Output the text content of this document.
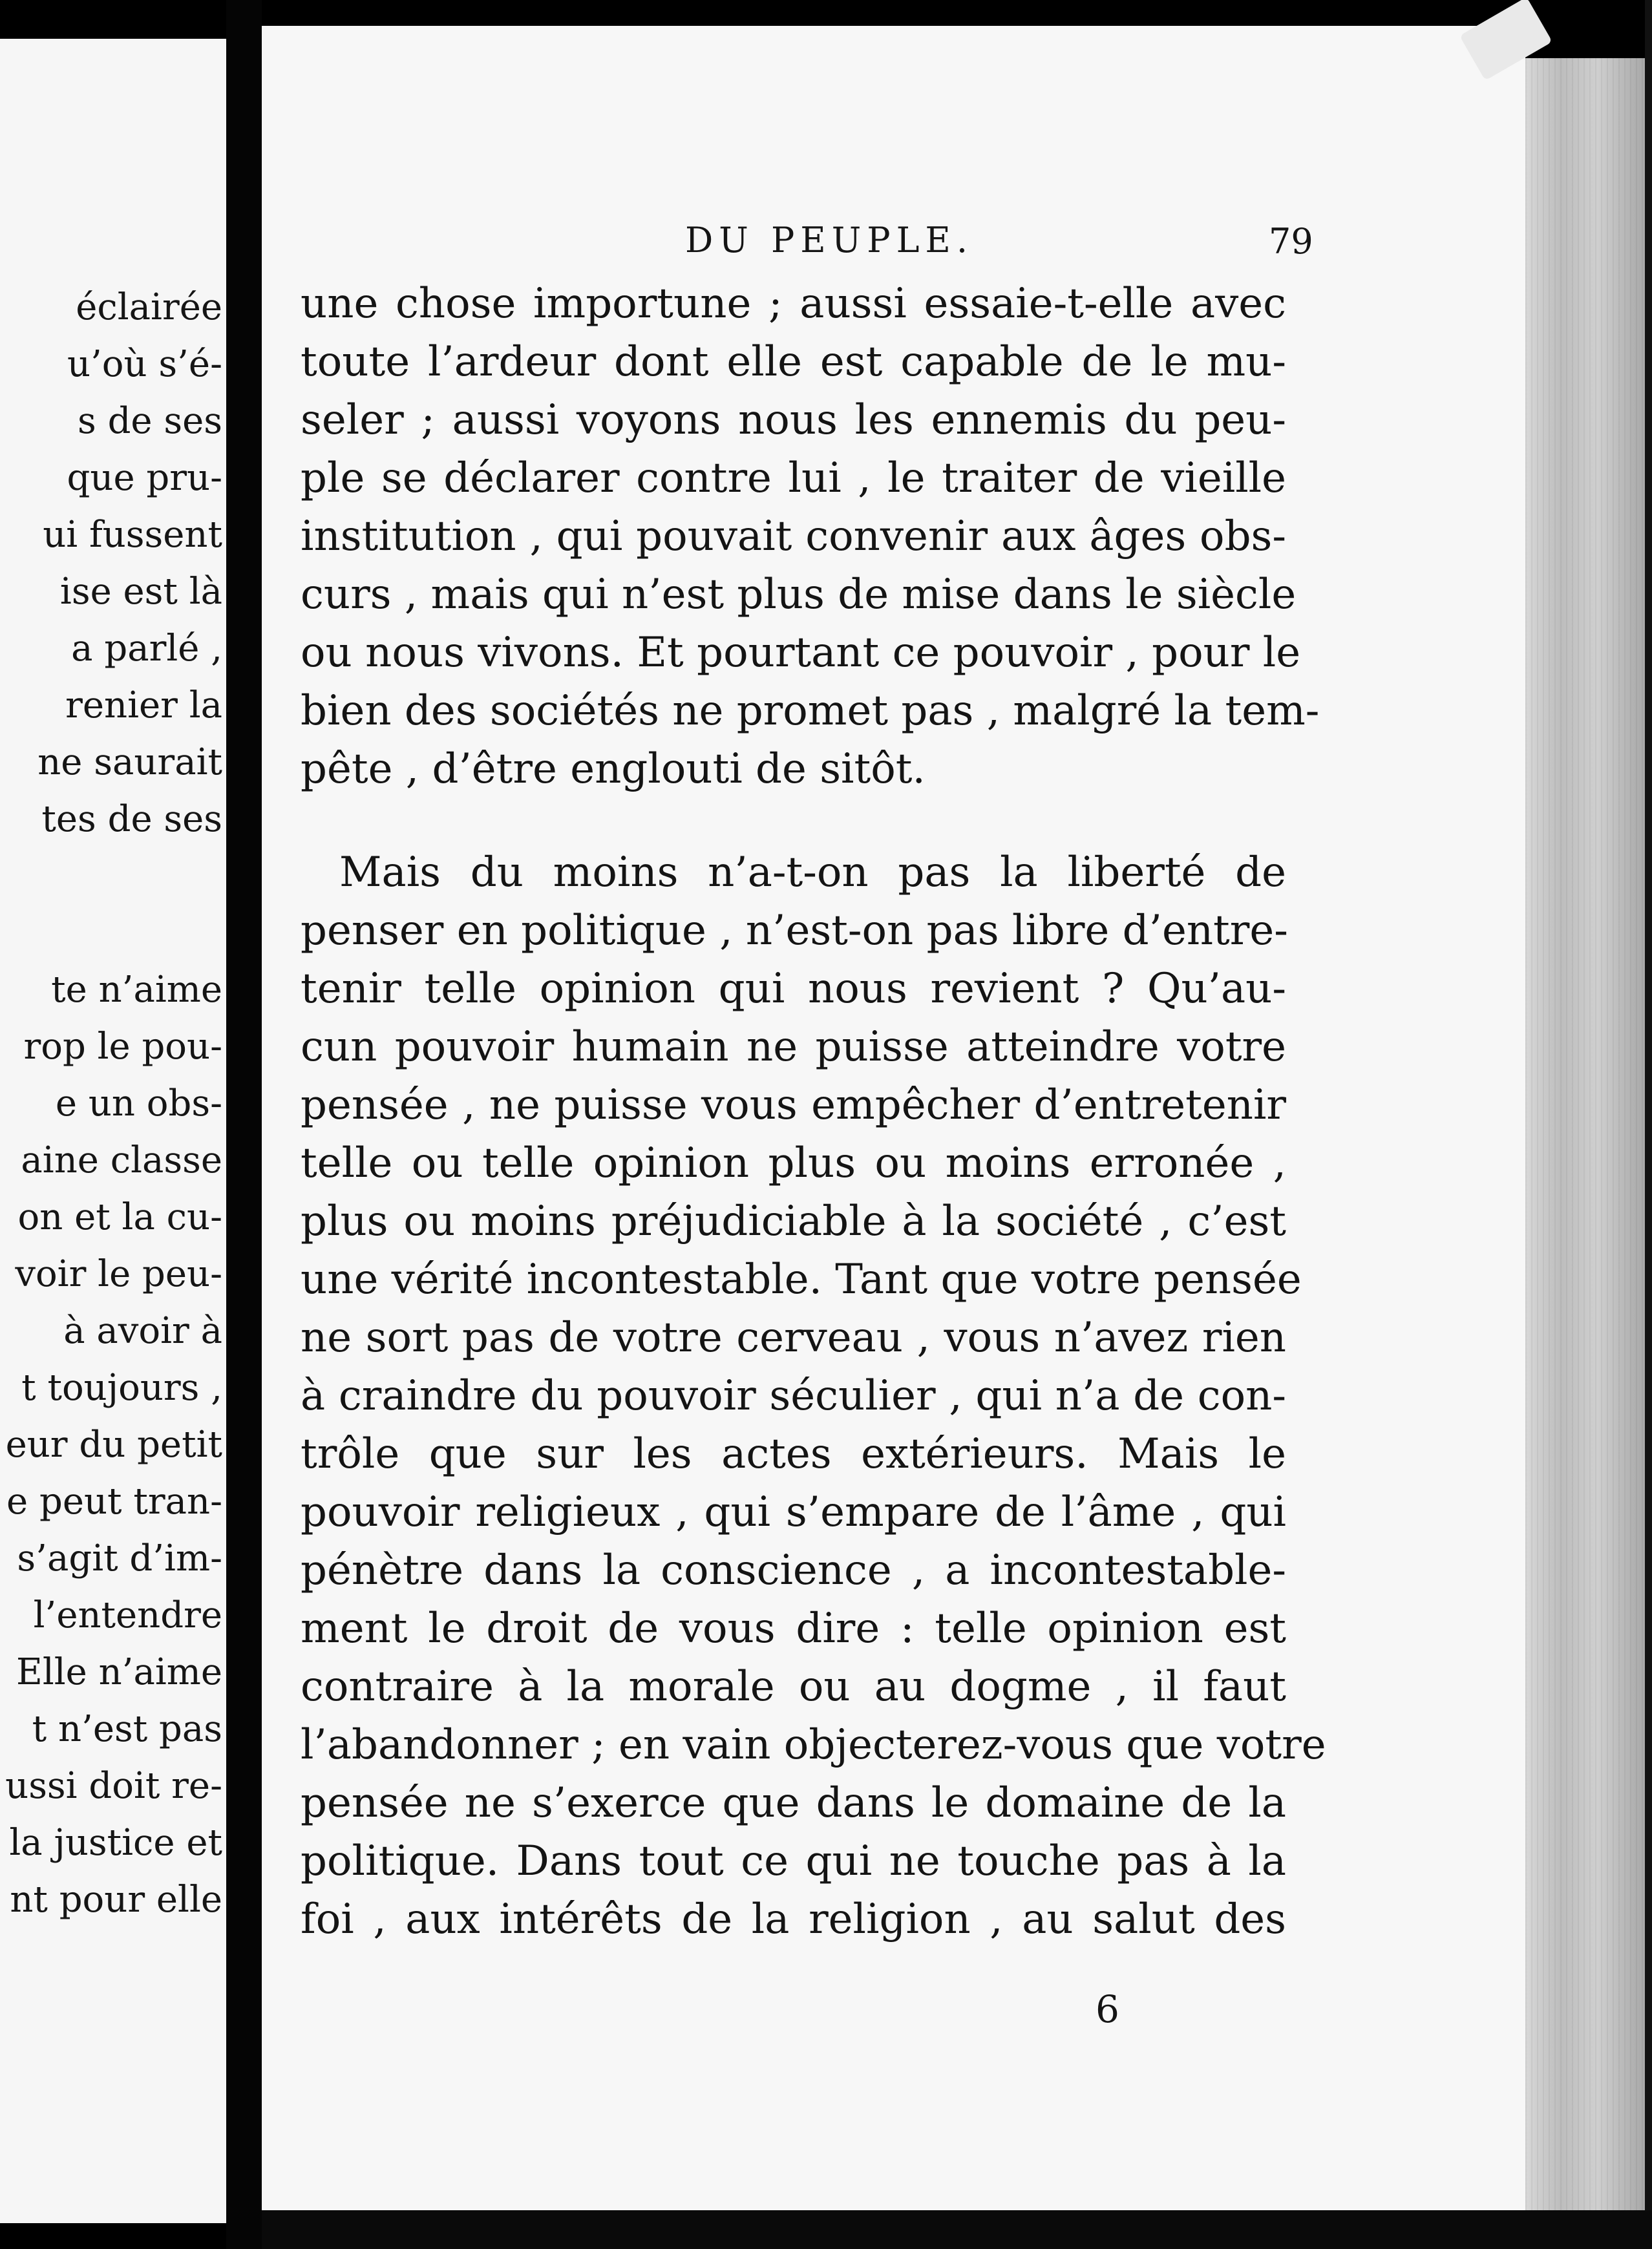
éclairée
u’où s’é-
s de ses
que pru-
ui fussent
ise est là
a parlé ,
renier la
ne saurait
tes de ses
te n’aime
rop le pou-
e un obs-
aine classe
on et la cu-
voir le peu-
à avoir à
t toujours ,
eur du petit
e peut tran-
s’agit d’im-
l’entendre
Elle n’aime
t n’est pas
ussi doit re-
la justice et
nt pour elle
DU PEUPLE.	79
une chose importune ; aussi essaie-t-elle avec
toute l’ardeur dont elle est capable de le mu-
seler ; aussi voyons nous les ennemis du peu-
ple se déclarer contre lui , le traiter de vieille
institution , qui pouvait convenir aux âges obs-
curs , mais qui n’est plus de mise dans le siècle
ou nous vivons. Et pourtant ce pouvoir , pour le
bien des sociétés ne promet pas , malgré la tem-
pête , d’être englouti de sitôt.
Mais du moins n’a-t-on pas la liberté de
penser en politique , n’est-on pas libre d’entre-
tenir telle opinion qui nous revient ? Qu’au-
cun pouvoir humain ne puisse atteindre votre
pensée , ne puisse vous empêcher d’entretenir
telle ou telle opinion plus ou moins erronée ,
plus ou moins préjudiciable à la société , c’est
une vérité incontestable. Tant que votre pensée
ne sort pas de votre cerveau , vous n’avez rien
à craindre du pouvoir séculier , qui n’a de con-
trôle que sur les actes extérieurs. Mais le
pouvoir religieux , qui s’empare de l’âme , qui
pénètre dans la conscience , a incontestable-
ment le droit de vous dire : telle opinion est
contraire à la morale ou au dogme , il faut
l’abandonner ; en vain objecterez-vous que votre
pensée ne s’exerce que dans le domaine de la
politique. Dans tout ce qui ne touche pas à la
foi , aux intérêts de la religion , au salut des
6
